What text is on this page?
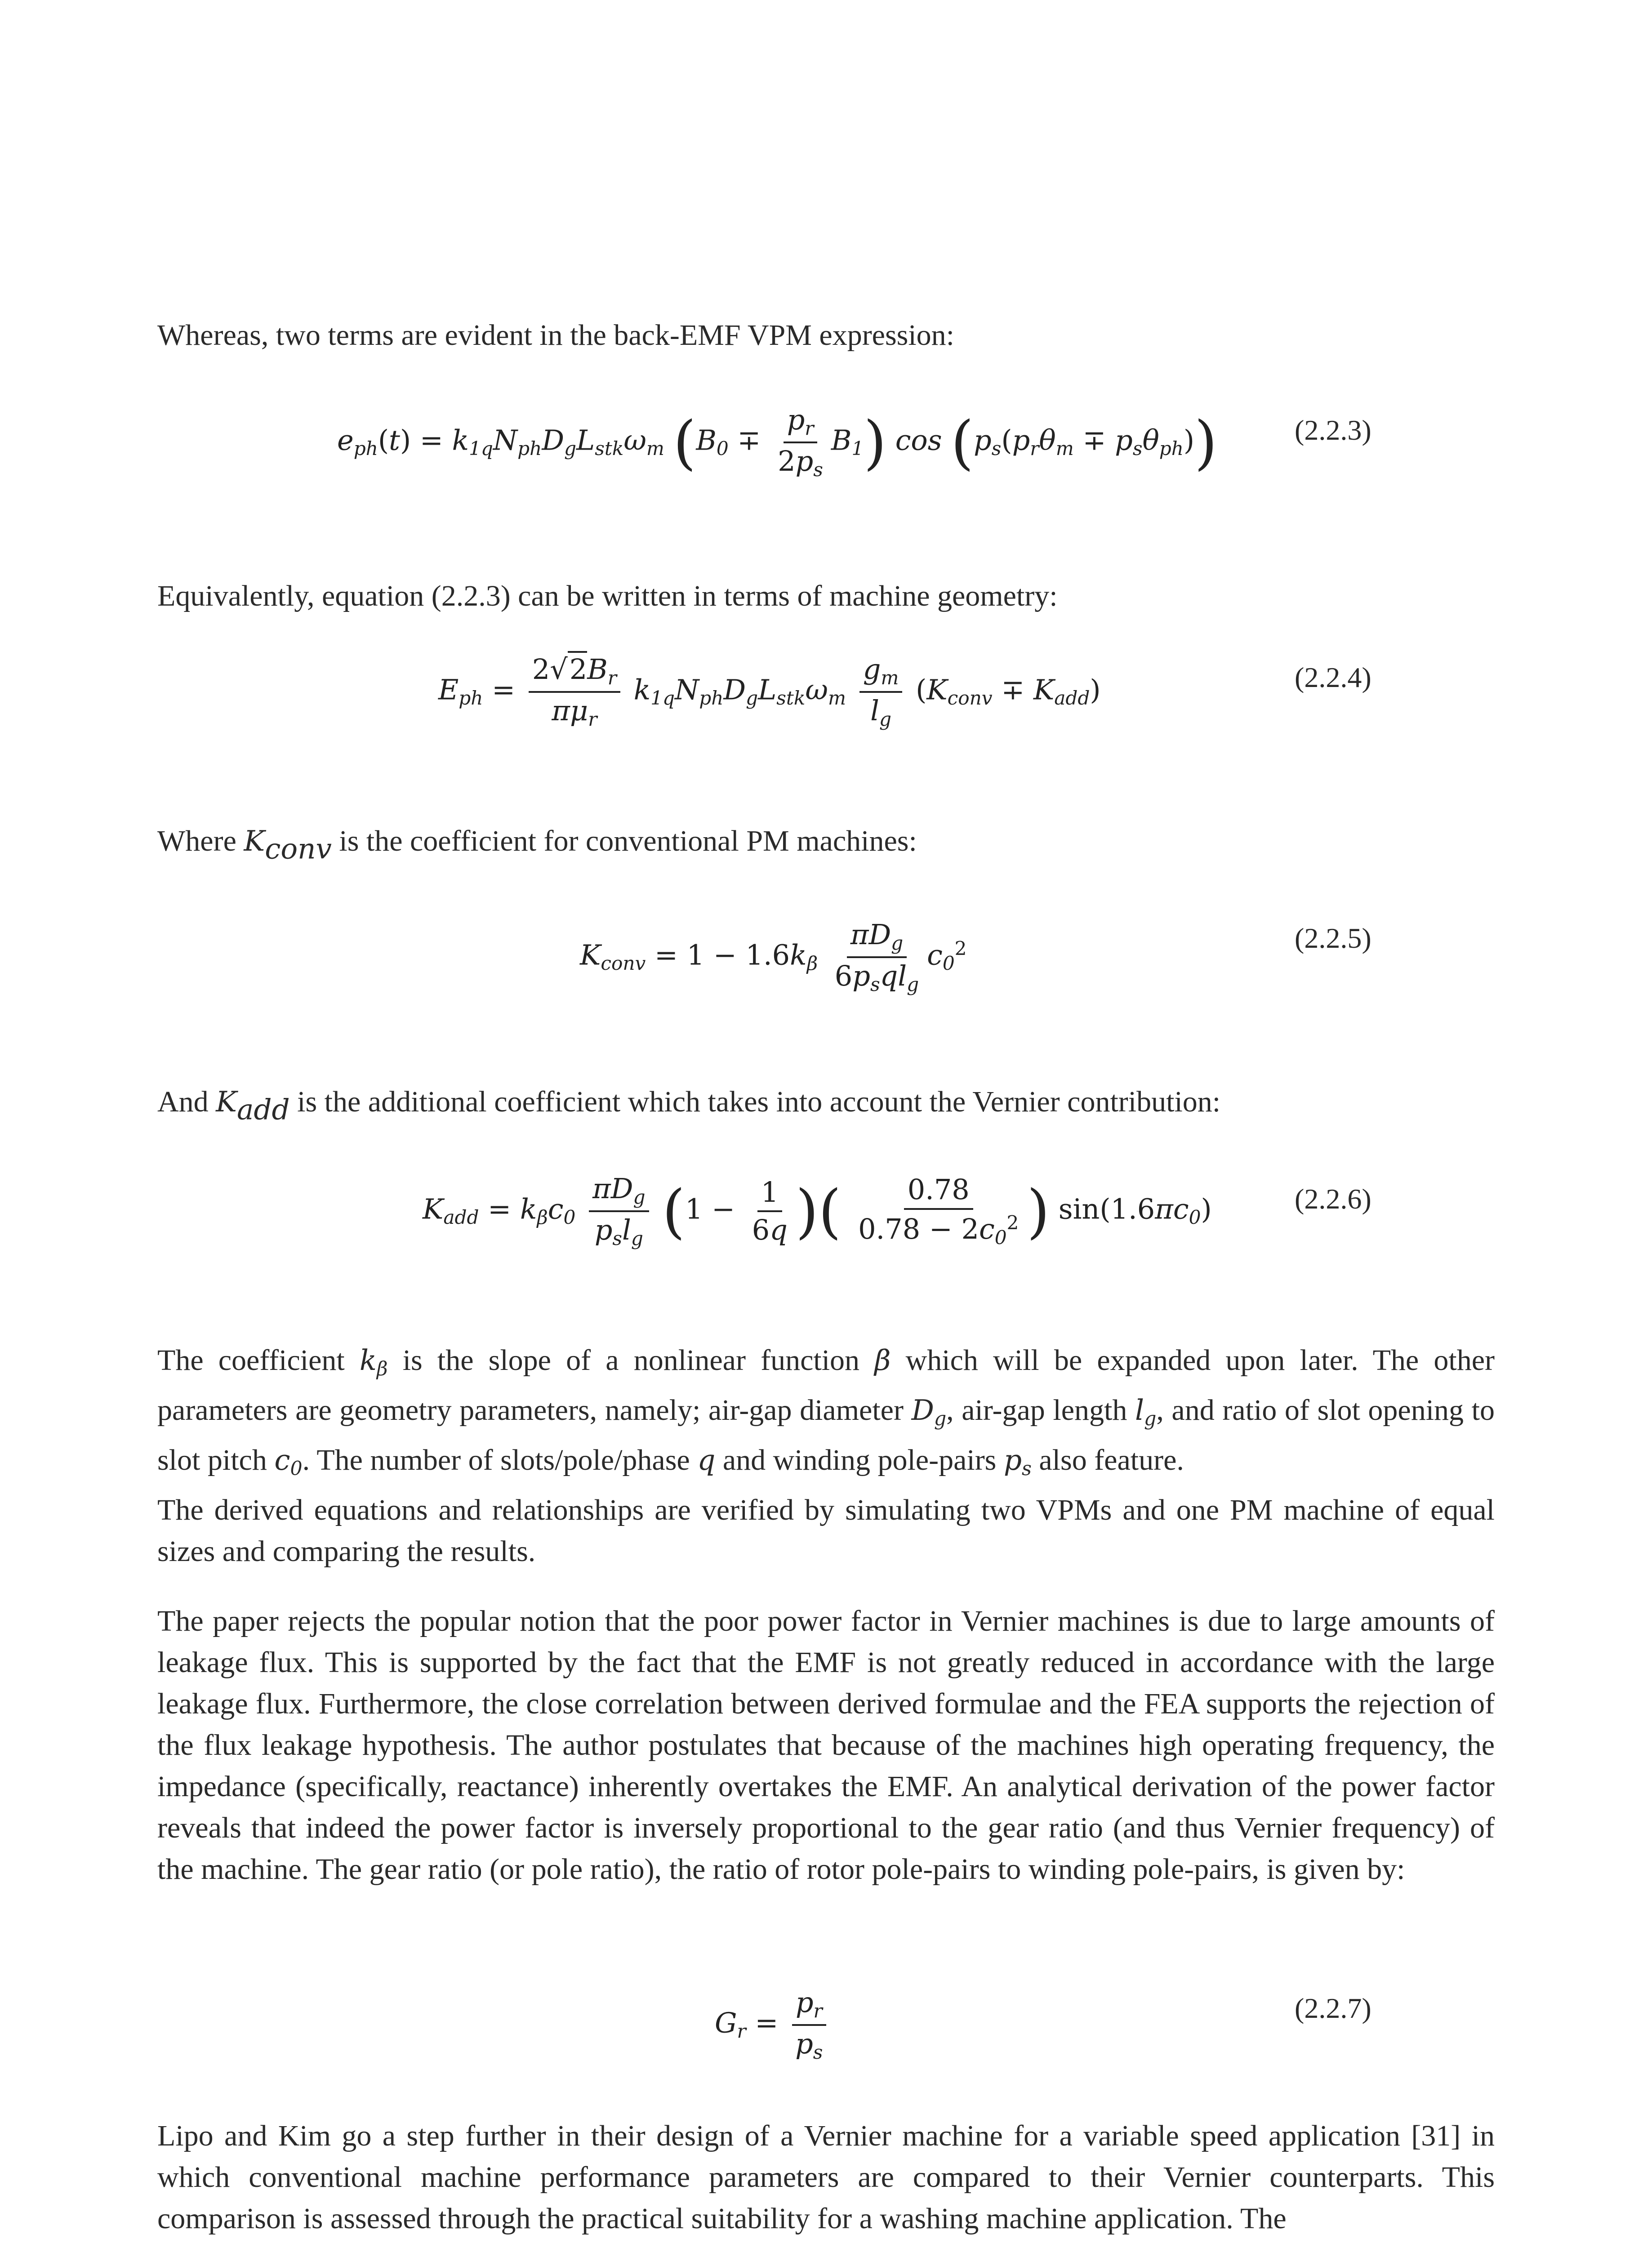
Whereas, two terms are evident in the back-EMF VPM expression:

$e_{ph}(t) = k_{1q}N_{ph}D_gL_{stk}\omega_m$ $(B_0 \mp \frac{p_r}{2p_s} B_1)$ $\cos (p_s(p_r\theta_m \mp p_s\theta_{ph}))$	(2.2.3)

Equivalently, equation (2.2.3) can be written in terms of machine geometry:

$E_{ph} = \frac{2√2B_r}{\pi\mu_r} k_{1q}N_{ph}D_gL_{stk}\omega_m \frac{g_m}{l_g} (K_{conv} \mp K_{add})$	(2.2.4)

Where $K_{conv}$ is the coefficient for conventional PM machines:

$K_{conv} = 1 - 1.6k_\beta \frac{\pi D_g}{6p_sql_g} c_0^2$	(2.2.5)

And $K_{add}$ is the additional coefficient which takes into account the Vernier contribution:

$K_{add} = k_\beta c_0 \frac{\pi D_g}{p_sl_g} (1 - \frac{1}{6q}$ )( $\frac{0.78}{0.78 - 2c_0^2}$ ) $\sin(1.6\pi c_0)$	(2.2.6)

The coefficient $k_\beta$ is the slope of a nonlinear function β which will be expanded upon later. The other parameters are geometry parameters, namely; air-gap diameter $D_g$, air-gap length $l_g$, and ratio of slot opening to slot pitch $c_0$. The number of slots/pole/phase q and winding pole-pairs $p_s$ also feature.
The derived equations and relationships are verified by simulating two VPMs and one PM machine of equal sizes and comparing the results.

The paper rejects the popular notion that the poor power factor in Vernier machines is due to large amounts of leakage flux. This is supported by the fact that the EMF is not greatly reduced in accordance with the large leakage flux. Furthermore, the close correlation between derived formulae and the FEA supports the rejection of the flux leakage hypothesis. The author postulates that because of the machines high operating frequency, the impedance (specifically, reactance) inherently overtakes the EMF. An analytical derivation of the power factor reveals that indeed the power factor is inversely proportional to the gear ratio (and thus Vernier frequency) of the machine. The gear ratio (or pole ratio), the ratio of rotor pole-pairs to winding pole-pairs, is given by:

$G_r = \frac{p_r}{p_s}$	(2.2.7)

Lipo and Kim go a step further in their design of a Vernier machine for a variable speed application [31] in which conventional machine performance parameters are compared to their Vernier counterparts. This comparison is assessed through the practical suitability for a washing machine application. The
